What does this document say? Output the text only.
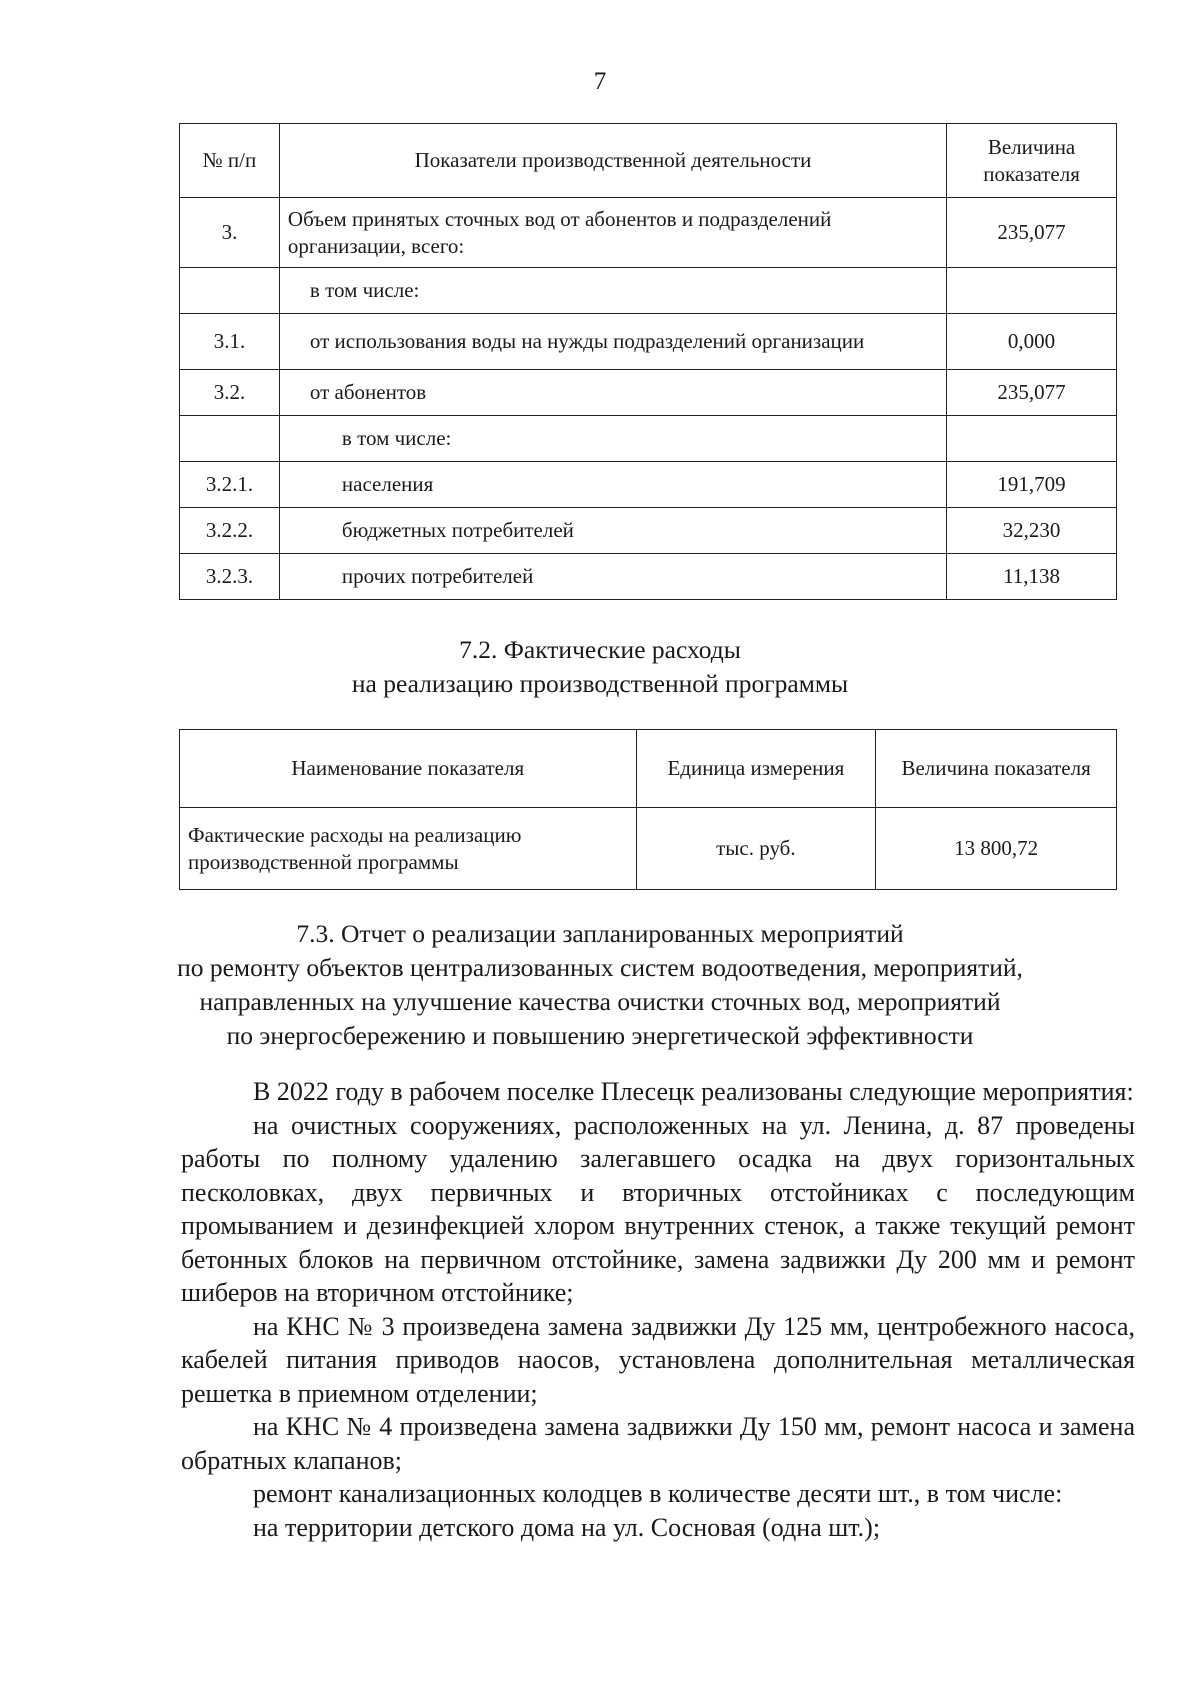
7
№ п/п	Показатели производственной деятельности	Величина
показателя
3.	Объем принятых сточных вод от абонентов и подразделений организации, всего:	235,077
	в том числе:	
3.1.	от использования воды на нужды подразделений организации	0,000
3.2.	от абонентов	235,077
	в том числе:	
3.2.1.	населения	191,709
3.2.2.	бюджетных потребителей	32,230
3.2.3.	прочих потребителей	11,138
7.2. Фактические расходы
на реализацию производственной программы
Наименование показателя	Единица измерения	Величина показателя
Фактические расходы на реализацию
производственной программы	тыс. руб.	13 800,72
7.3. Отчет о реализации запланированных мероприятий
по ремонту объектов централизованных систем водоотведения, мероприятий,
направленных на улучшение качества очистки сточных вод, мероприятий
по энергосбережению и повышению энергетической эффективности

В 2022 году в рабочем поселке Плесецк реализованы следующие мероприятия:

на очистных сооружениях, расположенных на ул. Ленина, д. 87 проведены работы по полному удалению залегавшего осадка на двух горизонтальных песколовках, двух первичных и вторичных отстойниках с последующим промыванием и дезинфекцией хлором внутренних стенок, а также текущий ремонт бетонных блоков на первичном отстойнике, замена задвижки Ду 200 мм и ремонт шиберов на вторичном отстойнике;

на КНС № 3 произведена замена задвижки Ду 125 мм, центробежного насоса, кабелей питания приводов наосов, установлена дополнительная металлическая решетка в приемном отделении;

на КНС № 4 произведена замена задвижки Ду 150 мм, ремонт насоса и замена обратных клапанов;

ремонт канализационных колодцев в количестве десяти шт., в том числе:

на территории детского дома на ул. Сосновая (одна шт.);
